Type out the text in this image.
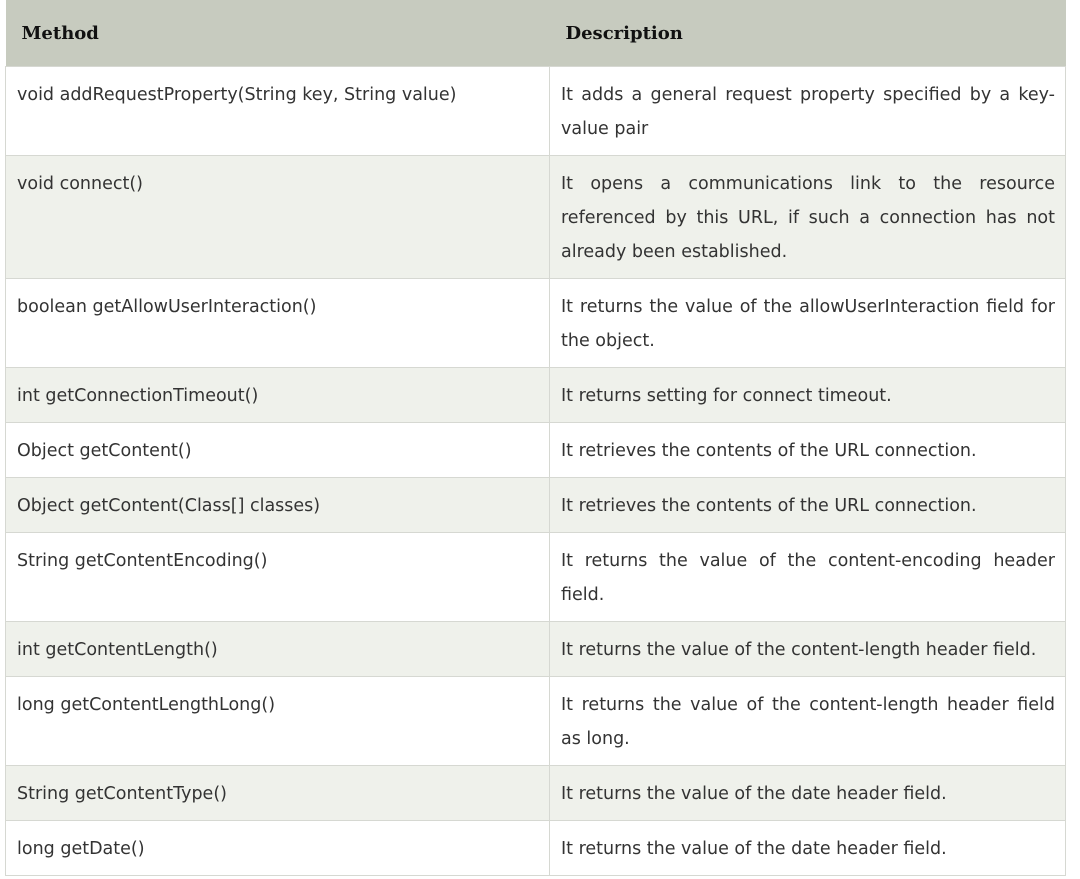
Method	Description
void addRequestProperty(String key, String value)	It adds a general request property specified by a key-value pair
void connect()	It opens a communications link to the resource referenced by this URL, if such a connection has not already been established.
boolean getAllowUserInteraction()	It returns the value of the allowUserInteraction field for the object.
int getConnectionTimeout()	It returns setting for connect timeout.
Object getContent()	It retrieves the contents of the URL connection.
Object getContent(Class[] classes)	It retrieves the contents of the URL connection.
String getContentEncoding()	It returns the value of the content-encoding header field.
int getContentLength()	It returns the value of the content-length header field.
long getContentLengthLong()	It returns the value of the content-length header field as long.
String getContentType()	It returns the value of the date header field.
long getDate()	It returns the value of the date header field.
